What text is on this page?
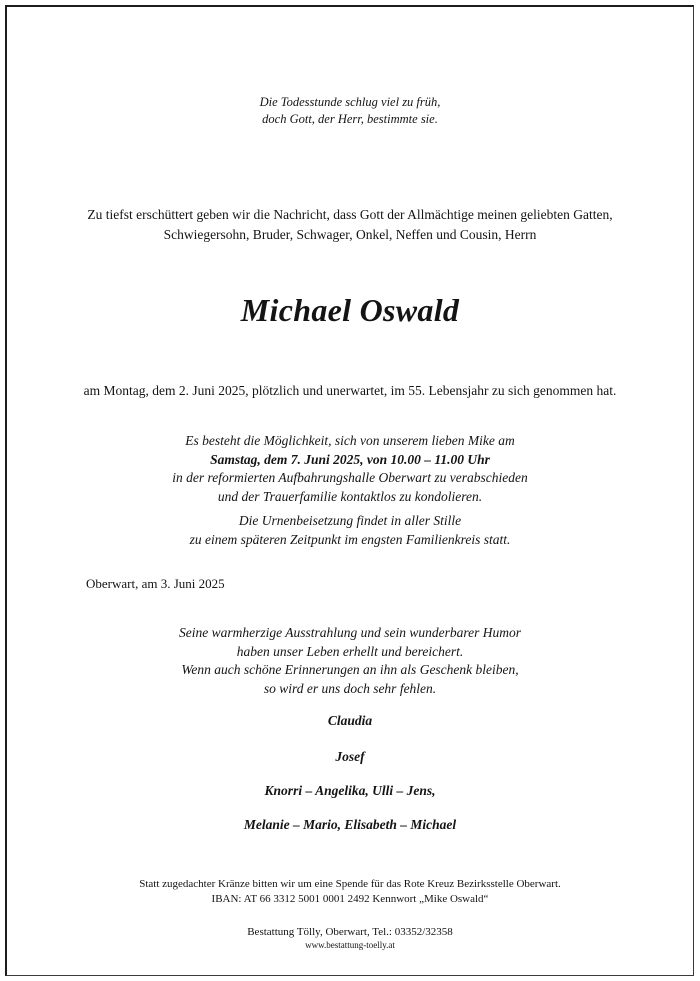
Die Todesstunde schlug viel zu früh,
doch Gott, der Herr, bestimmte sie.
Zu tiefst erschüttert geben wir die Nachricht, dass Gott der Allmächtige meinen geliebten Gatten,
Schwiegersohn, Bruder, Schwager, Onkel, Neffen und Cousin, Herrn
Michael Oswald
am Montag, dem 2. Juni 2025, plötzlich und unerwartet, im 55. Lebensjahr zu sich genommen hat.
Es besteht die Möglichkeit, sich von unserem lieben Mike am
Samstag, dem 7. Juni 2025, von 10.00 – 11.00 Uhr
in der reformierten Aufbahrungshalle Oberwart zu verabschieden
und der Trauerfamilie kontaktlos zu kondolieren.
Die Urnenbeisetzung findet in aller Stille
zu einem späteren Zeitpunkt im engsten Familienkreis statt.
Oberwart, am 3. Juni 2025
Seine warmherzige Ausstrahlung und sein wunderbarer Humor
haben unser Leben erhellt und bereichert.
Wenn auch schöne Erinnerungen an ihn als Geschenk bleiben,
so wird er uns doch sehr fehlen.
Claudia
Josef
Knorri – Angelika, Ulli – Jens,
Melanie – Mario, Elisabeth – Michael
Statt zugedachter Kränze bitten wir um eine Spende für das Rote Kreuz Bezirksstelle Oberwart.
IBAN: AT 66 3312 5001 0001 2492 Kennwort „Mike Oswald“
Bestattung Tölly, Oberwart, Tel.: 03352/32358
www.bestattung-toelly.at
